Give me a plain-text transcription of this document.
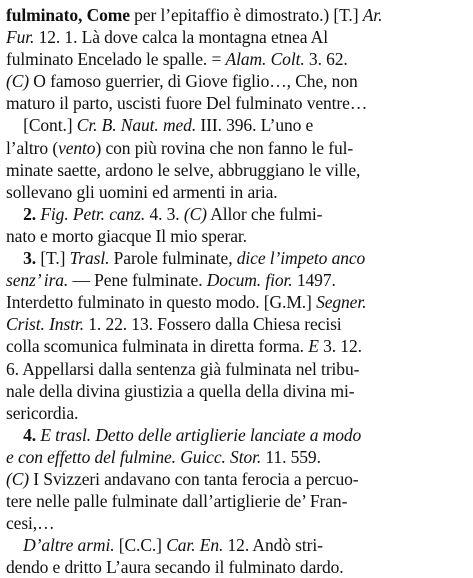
fulminato, Come per l’epitaffio è dimostrato.) [T.] Ar.
Fur. 12. 1. Là dove calca la montagna etnea Al
fulminato Encelado le spalle. = Alam. Colt. 3. 62.
(C) O famoso guerrier, di Giove figlio…, Che, non
maturo il parto, uscisti fuore Del fulminato ventre…
[Cont.] Cr. B. Naut. med. III. 396. L’uno e
l’altro (vento) con più rovina che non fanno le ful-
minate saette, ardono le selve, abbruggiano le ville,
sollevano gli uomini ed armenti in aria.
2. Fig. Petr. canz. 4. 3. (C) Allor che fulmi-
nato e morto giacque Il mio sperar.
3. [T.] Trasl. Parole fulminate, dice l’impeto anco
senz’ ira. — Pene fulminate. Docum. fior. 1497.
Interdetto fulminato in questo modo. [G.M.] Segner.
Crist. Instr. 1. 22. 13. Fossero dalla Chiesa recisi
colla scomunica fulminata in diretta forma. E 3. 12.
6. Appellarsi dalla sentenza già fulminata nel tribu-
nale della divina giustizia a quella della divina mi-
sericordia.
4. E trasl. Detto delle artiglierie lanciate a modo
e con effetto del fulmine. Guicc. Stor. 11. 559.
(C) I Svizzeri andavano con tanta ferocia a percuo-
tere nelle palle fulminate dall’artiglierie de’ Fran-
cesi,…
D’altre armi. [C.C.] Car. En. 12. Andò stri-
dendo e dritto L’aura secando il fulminato dardo.
